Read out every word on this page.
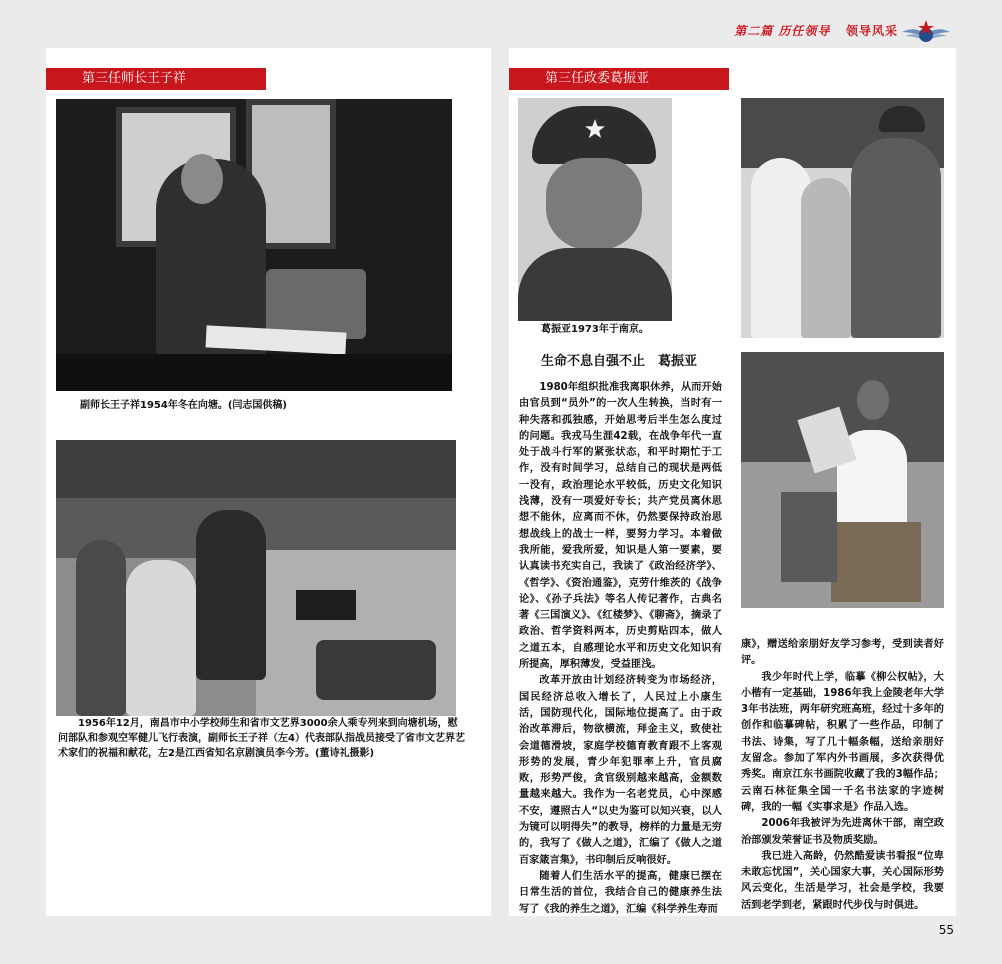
第二篇 历任领导 领导风采
第三任师长王子祥
副师长王子祥1954年冬在向塘。(闫志国供稿)
1956年12月，南昌市中小学校师生和省市文艺界3000余人乘专列来到向塘机场，慰问部队和参观空军健儿飞行表演，副师长王子祥（左4）代表部队指战员接受了省市文艺界艺术家们的祝福和献花，左2是江西省知名京剧演员李今芳。(董诗礼摄影)
第三任政委葛振亚
葛振亚1973年于南京。
生命不息自强不止　葛振亚

1980年组织批准我离职休养，从而开始由官员到“员外”的一次人生转换，当时有一种失落和孤独感，开始思考后半生怎么度过的问题。我戎马生涯42载，在战争年代一直处于战斗行军的紧张状态，和平时期忙于工作，没有时间学习，总结自己的现状是两低一没有，政治理论水平较低，历史文化知识浅薄，没有一项爱好专长；共产党员离休思想不能休，应离而不休，仍然要保持政治思想战线上的战士一样，要努力学习。本着做我所能，爱我所爱，知识是人第一要素，要认真读书充实自己，我读了《政治经济学》、《哲学》、《资治通鉴》，克劳什维茨的《战争论》、《孙子兵法》等名人传记著作，古典名著《三国演义》、《红楼梦》、《聊斋》，摘录了政治、哲学资料两本，历史剪贴四本，做人之道五本，自感理论水平和历史文化知识有所提高，厚积薄发，受益匪浅。

改革开放由计划经济转变为市场经济，国民经济总收入增长了，人民过上小康生活，国防现代化，国际地位提高了。由于政治改革滞后，物欲横流，拜金主义，致使社会道德滑坡，家庭学校德育教育跟不上客观形势的发展，青少年犯罪率上升，官员腐败，形势严俊，贪官级别越来越高，金额数量越来越大。我作为一名老党员，心中深感不安，遵照古人“以史为鉴可以知兴衰，以人为镜可以明得失”的教导，榜样的力量是无穷的，我写了《做人之道》，汇编了《做人之道百家箴言集》，书印制后反响很好。

随着人们生活水平的提高，健康已摆在日常生活的首位，我结合自己的健康养生法写了《我的养生之道》，汇编《科学养生寿而

康》，赠送给亲朋好友学习参考，受到读者好评。

我少年时代上学，临摹《柳公权帖》，大小楷有一定基础，1986年我上金陵老年大学3年书法班，两年研究班高班，经过十多年的创作和临摹碑帖，积累了一些作品，印制了书法、诗集，写了几十幅条幅，送给亲朋好友留念。参加了军内外书画展，多次获得优秀奖。南京江东书画院收藏了我的3幅作品；云南石林征集全国一千名书法家的字迹树碑，我的一幅《实事求是》作品入选。

2006年我被评为先进离休干部，南空政治部颁发荣誉证书及物质奖励。

我已进入高龄，仍然酷爱读书看报“位卑未敢忘忧国”，关心国家大事，关心国际形势风云变化，生活是学习，社会是学校，我要活到老学到老，紧跟时代步伐与时俱进。

55
